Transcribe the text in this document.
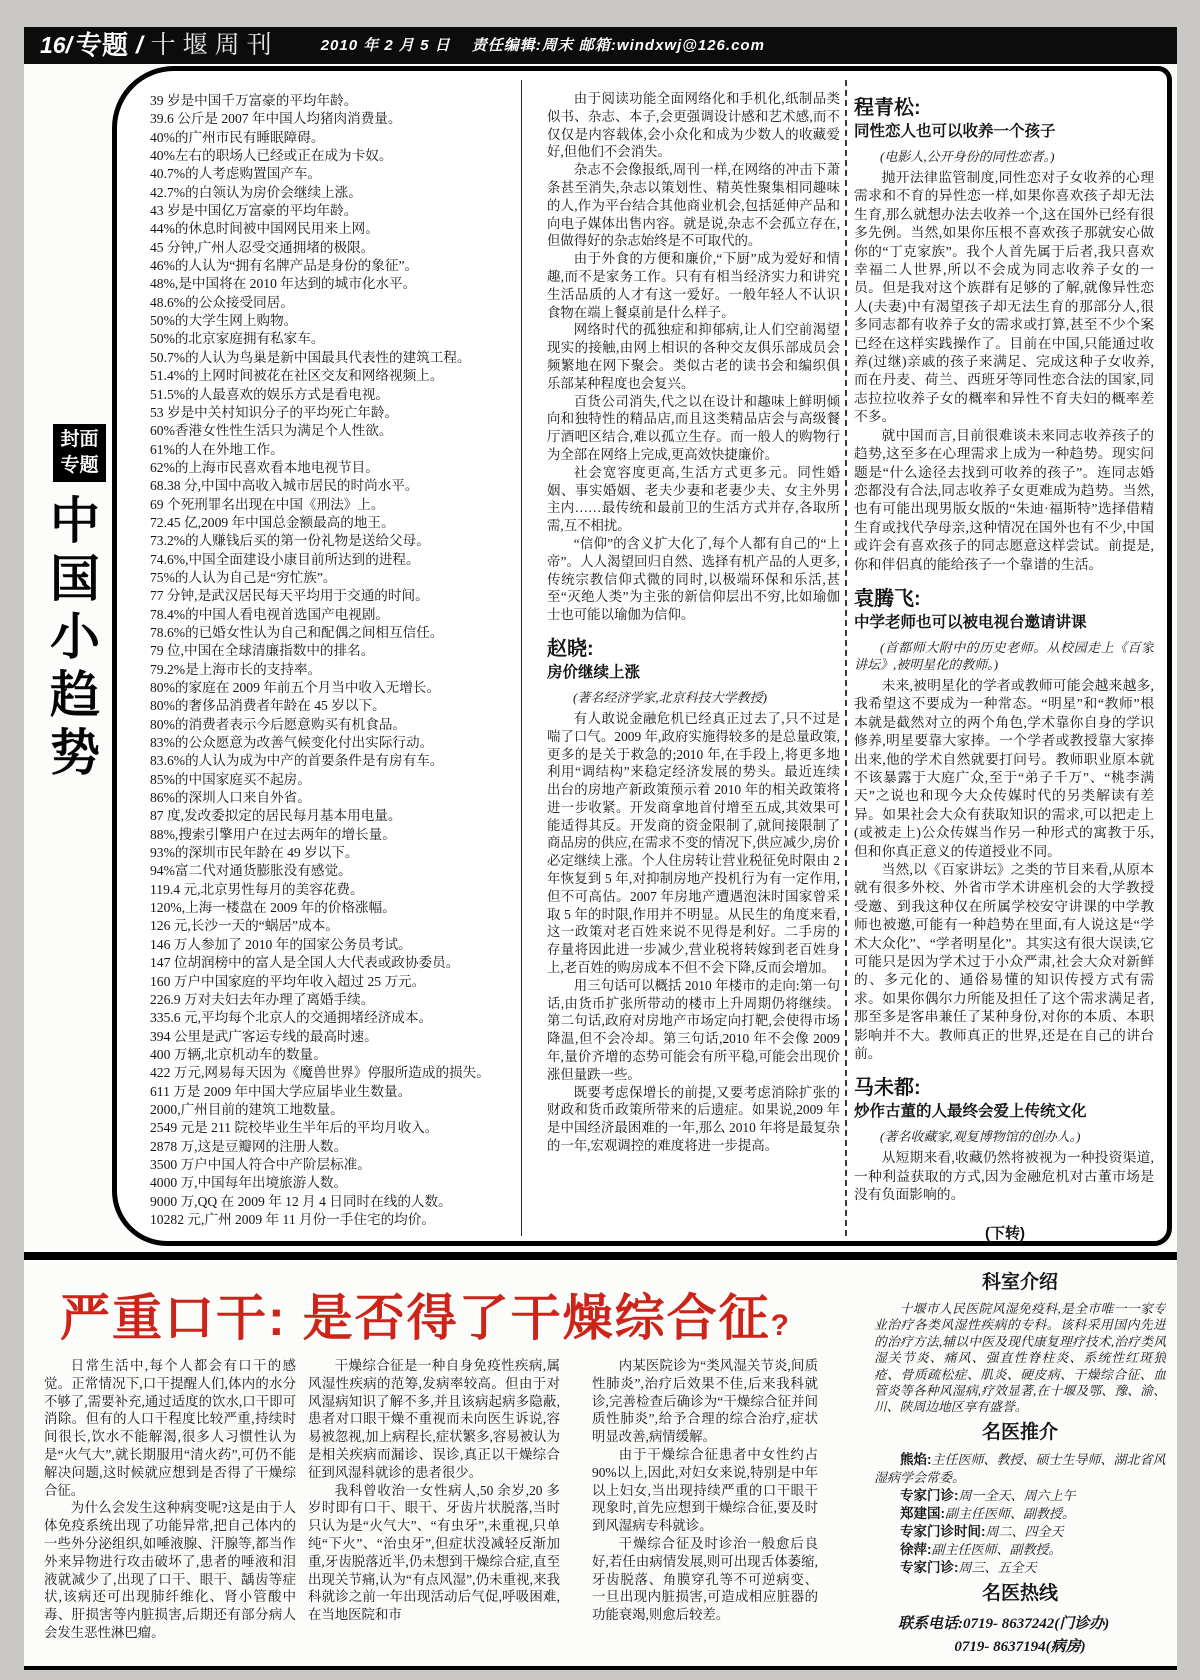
16/ 专题 / 十堰周刊	2010 年 2 月 5 日　 责任编辑:周末 邮箱:windxwj@126.com
封面
专题
中国小趋势
39 岁是中国千万富豪的平均年龄。
39.6 公斤是 2007 年中国人均猪肉消费量。
40%的广州市民有睡眠障碍。
40%左右的职场人已经或正在成为卡奴。
40.7%的人考虑购置国产车。
42.7%的白领认为房价会继续上涨。
43 岁是中国亿万富豪的平均年龄。
44%的休息时间被中国网民用来上网。
45 分钟,广州人忍受交通拥堵的极限。
46%的人认为“拥有名牌产品是身份的象征”。
48%,是中国将在 2010 年达到的城市化水平。
48.6%的公众接受同居。
50%的大学生网上购物。
50%的北京家庭拥有私家车。
50.7%的人认为鸟巢是新中国最具代表性的建筑工程。
51.4%的上网时间被花在社区交友和网络视频上。
51.5%的人最喜欢的娱乐方式是看电视。
53 岁是中关村知识分子的平均死亡年龄。
60%香港女性性生活只为满足个人性欲。
61%的人在外地工作。
62%的上海市民喜欢看本地电视节目。
68.38 分,中国中高收入城市居民的时尚水平。
69 个死刑罪名出现在中国《刑法》上。
72.45 亿,2009 年中国总金额最高的地王。
73.2%的人赚钱后买的第一份礼物是送给父母。
74.6%,中国全面建设小康目前所达到的进程。
75%的人认为自己是“穷忙族”。
77 分钟,是武汉居民每天平均用于交通的时间。
78.4%的中国人看电视首选国产电视剧。
78.6%的已婚女性认为自己和配偶之间相互信任。
79 位,中国在全球清廉指数中的排名。
79.2%是上海市长的支持率。
80%的家庭在 2009 年前五个月当中收入无增长。
80%的奢侈品消费者年龄在 45 岁以下。
80%的消费者表示今后愿意购买有机食品。
83%的公众愿意为改善气候变化付出实际行动。
83.6%的人认为成为中产的首要条件是有房有车。
85%的中国家庭买不起房。
86%的深圳人口来自外省。
87 度,发改委拟定的居民每月基本用电量。
88%,搜索引擎用户在过去两年的增长量。
93%的深圳市民年龄在 49 岁以下。
94%富二代对通货膨胀没有感觉。
119.4 元,北京男性每月的美容花费。
120%,上海一楼盘在 2009 年的价格涨幅。
126 元,长沙一天的“蜗居”成本。
146 万人参加了 2010 年的国家公务员考试。
147 位胡润榜中的富人是全国人大代表或政协委员。
160 万户中国家庭的平均年收入超过 25 万元。
226.9 万对夫妇去年办理了离婚手续。
335.6 元,平均每个北京人的交通拥堵经济成本。
394 公里是武广客运专线的最高时速。
400 万辆,北京机动车的数量。
422 万元,网易每天因为《魔兽世界》停服所造成的损失。
611 万是 2009 年中国大学应届毕业生数量。
2000,广州目前的建筑工地数量。
2549 元是 211 院校毕业生半年后的平均月收入。
2878 万,这是豆瓣网的注册人数。
3500 万户中国人符合中产阶层标准。
4000 万,中国每年出境旅游人数。
9000 万,QQ 在 2009 年 12 月 4 日同时在线的人数。
10282 元,广州 2009 年 11 月份一手住宅的均价。
由于阅读功能全面网络化和手机化,纸制品类似书、杂志、本子,会更强调设计感和艺术感,而不仅仅是内容载体,会小众化和成为少数人的收藏爱好,但他们不会消失。
杂志不会像报纸,周刊一样,在网络的冲击下萧条甚至消失,杂志以策划性、精英性聚集相同趣味的人,作为平台结合其他商业机会,包括延伸产品和向电子媒体出售内容。就是说,杂志不会孤立存在,但做得好的杂志始终是不可取代的。
由于外食的方便和廉价,“下厨”成为爱好和情趣,而不是家务工作。只有有相当经济实力和讲究生活品质的人才有这一爱好。一般年轻人不认识食物在端上餐桌前是什么样子。
网络时代的孤独症和抑郁病,让人们空前渴望现实的接触,由网上相识的各种交友俱乐部成员会频繁地在网下聚会。类似古老的读书会和编织俱乐部某种程度也会复兴。
百货公司消失,代之以在设计和趣味上鲜明倾向和独特性的精品店,而且这类精品店会与高级餐厅酒吧区结合,难以孤立生存。而一般人的购物行为全部在网络上完成,更高效快捷廉价。
社会宽容度更高,生活方式更多元。同性婚姻、事实婚姻、老夫少妻和老妻少夫、女主外男主内……最传统和最前卫的生活方式并存,各取所需,互不相扰。
“信仰”的含义扩大化了,每个人都有自己的“上帝”。人人渴望回归自然、选择有机产品的人更多,传统宗教信仰式微的同时,以极端环保和乐活,甚至“灭绝人类”为主张的新信仰层出不穷,比如瑜伽士也可能以瑜伽为信仰。
赵晓:
房价继续上涨
(著名经济学家,北京科技大学教授)
有人敢说金融危机已经真正过去了,只不过是喘了口气。2009 年,政府实施得较多的是总量政策,更多的是关于救急的;2010 年,在手段上,将更多地利用“调结构”来稳定经济发展的势头。最近连续出台的房地产新政策预示着 2010 年的相关政策将进一步收紧。开发商拿地首付增至五成,其效果可能适得其反。开发商的资金限制了,就间接限制了商品房的供应,在需求不变的情况下,供应减少,房价必定继续上涨。个人住房转让营业税征免时限由 2 年恢复到 5 年,对抑制房地产投机行为有一定作用,但不可高估。2007 年房地产遭遇泡沫时国家曾采取 5 年的时限,作用并不明显。从民生的角度来看,这一政策对老百姓来说不见得是利好。二手房的存量将因此进一步减少,营业税将转嫁到老百姓身上,老百姓的购房成本不但不会下降,反而会增加。
用三句话可以概括 2010 年楼市的走向:第一句话,由货币扩张所带动的楼市上升周期仍将继续。第二句话,政府对房地产市场定向打靶,会使得市场降温,但不会冷却。第三句话,2010 年不会像 2009 年,量价齐增的态势可能会有所平稳,可能会出现价涨但量跌一些。
既要考虑保增长的前提,又要考虑消除扩张的财政和货币政策所带来的后遗症。如果说,2009 年是中国经济最困难的一年,那么 2010 年将是最复杂的一年,宏观调控的难度将进一步提高。
程青松:
同性恋人也可以收养一个孩子
(电影人,公开身份的同性恋者。)
抛开法律监管制度,同性恋对子女收养的心理需求和不育的异性恋一样,如果你喜欢孩子却无法生育,那么就想办法去收养一个,这在国外已经有很多先例。当然,如果你压根不喜欢孩子那就安心做你的“丁克家族”。我个人首先属于后者,我只喜欢幸福二人世界,所以不会成为同志收养子女的一员。但是我对这个族群有足够的了解,就像异性恋人(夫妻)中有渴望孩子却无法生育的那部分人,很多同志都有收养子女的需求或打算,甚至不少个案已经在这样实践操作了。目前在中国,只能通过收养(过继)亲戚的孩子来满足、完成这种子女收养,而在丹麦、荷兰、西班牙等同性恋合法的国家,同志拉拉收养子女的概率和异性不育夫妇的概率差不多。
就中国而言,目前很难谈未来同志收养孩子的趋势,这至多在心理需求上成为一种趋势。现实问题是“什么途径去找到可收养的孩子”。连同志婚恋都没有合法,同志收养子女更难成为趋势。当然,也有可能出现男版女版的“朱迪·福斯特”选择借精生育或找代孕母亲,这种情况在国外也有不少,中国或许会有喜欢孩子的同志愿意这样尝试。前提是,你和伴侣真的能给孩子一个靠谱的生活。
袁腾飞:
中学老师也可以被电视台邀请讲课
(首都师大附中的历史老师。从校园走上《百家讲坛》,被明星化的教师。)
未来,被明星化的学者或教师可能会越来越多,我希望这不要成为一种常态。“明星”和“教师”根本就是截然对立的两个角色,学术靠你自身的学识修养,明星要靠大家捧。一个学者或教授靠大家捧出来,他的学术自然就要打问号。教师职业原本就不该暴露于大庭广众,至于“弟子千万”、“桃李满天”之说也和现今大众传媒时代的另类解读有差异。如果社会大众有获取知识的需求,可以把走上(或被走上)公众传媒当作另一种形式的寓教于乐,但和你真正意义的传道授业不同。
当然,以《百家讲坛》之类的节目来看,从原本就有很多外校、外省市学术讲座机会的大学教授受邀、到我这种仅在所属学校安守讲课的中学教师也被邀,可能有一种趋势在里面,有人说这是“学术大众化”、“学者明星化”。其实这有很大误读,它可能只是因为学术过于小众严肃,社会大众对新鲜的、多元化的、通俗易懂的知识传授方式有需求。如果你偶尔力所能及担任了这个需求满足者,那至多是客串兼任了某种身份,对你的本质、本职影响并不大。教师真正的世界,还是在自己的讲台前。
马未都:
炒作古董的人最终会爱上传统文化
(著名收藏家,观复博物馆的创办人。)
从短期来看,收藏仍然将被视为一种投资渠道,一种利益获取的方式,因为金融危机对古董市场是没有负面影响的。
(下转)
严重口干: 是否得了干燥综合征?
日常生活中,每个人都会有口干的感觉。正常情况下,口干提醒人们,体内的水分不够了,需要补充,通过适度的饮水,口干即可消除。但有的人口干程度比较严重,持续时间很长,饮水不能解渴,很多人习惯性认为是“火气大”,就长期服用“清火药”,可仍不能解决问题,这时候就应想到是否得了干燥综合征。
为什么会发生这种病变呢?这是由于人体免疫系统出现了功能异常,把自己体内的一些外分泌组织,如唾液腺、汗腺等,都当作外来异物进行攻击破坏了,患者的唾液和泪液就减少了,出现了口干、眼干、龋齿等症状,该病还可出现肺纤维化、肾小管酸中毒、肝损害等内脏损害,后期还有部分病人会发生恶性淋巴瘤。
干燥综合征是一种自身免疫性疾病,属风湿性疾病的范筹,发病率较高。但由于对风湿病知识了解不多,并且该病起病多隐蔽,患者对口眼干燥不重视而未向医生诉说,容易被忽视,加上病程长,症状繁多,容易被认为是相关疾病而漏诊、误诊,真正以干燥综合征到风湿科就诊的患者很少。
我科曾收治一女性病人,50 余岁,20 多岁时即有口干、眼干、牙齿片状脱落,当时只认为是“火气大”、“有虫牙”,未重视,只单纯“下火”、“治虫牙”,但症状没减轻反渐加重,牙齿脱落近半,仍未想到干燥综合症,直至出现关节痛,认为“有点风湿”,仍未重视,来我科就诊之前一年出现活动后气促,呼吸困难,在当地医院和市
内某医院诊为“类风湿关节炎,间质性肺炎”,治疗后效果不佳,后来我科就诊,完善检查后确诊为“干燥综合征并间质性肺炎”,给予合理的综合治疗,症状明显改善,病情缓解。
由于干燥综合征患者中女性约占90%以上,因此,对妇女来说,特别是中年以上妇女,当出现持续严重的口干眼干现象时,首先应想到干燥综合征,要及时到风湿病专科就诊。
干燥综合征及时诊治一般愈后良好,若任由病情发展,则可出现舌体萎缩,牙齿脱落、角膜穿孔等不可逆病变、一旦出现内脏损害,可造成相应脏器的功能衰竭,则愈后较差。
科室介绍
十堰市人民医院风湿免疫科,是全市唯一一家专业治疗各类风湿性疾病的专科。该科采用国内先进的治疗方法,辅以中医及现代康复理疗技术,治疗类风湿关节炎、痛风、强直性脊柱炎、系统性红斑狼疮、骨质疏松症、肌炎、硬皮病、干燥综合征、血管炎等各种风湿病,疗效显著,在十堰及鄂、豫、渝、川、陕周边地区享有盛誉。
名医推介
熊焰:主任医师、教授、硕士生导师、湖北省风湿病学会常委。
专家门诊:周一全天、周六上午
郑建国:副主任医师、副教授。
专家门诊时间:周二、四全天
徐萍:副主任医师、副教授。
专家门诊:周三、五全天
名医热线
联系电话:0719- 8637242(门诊办)
0719- 8637194(病房)
